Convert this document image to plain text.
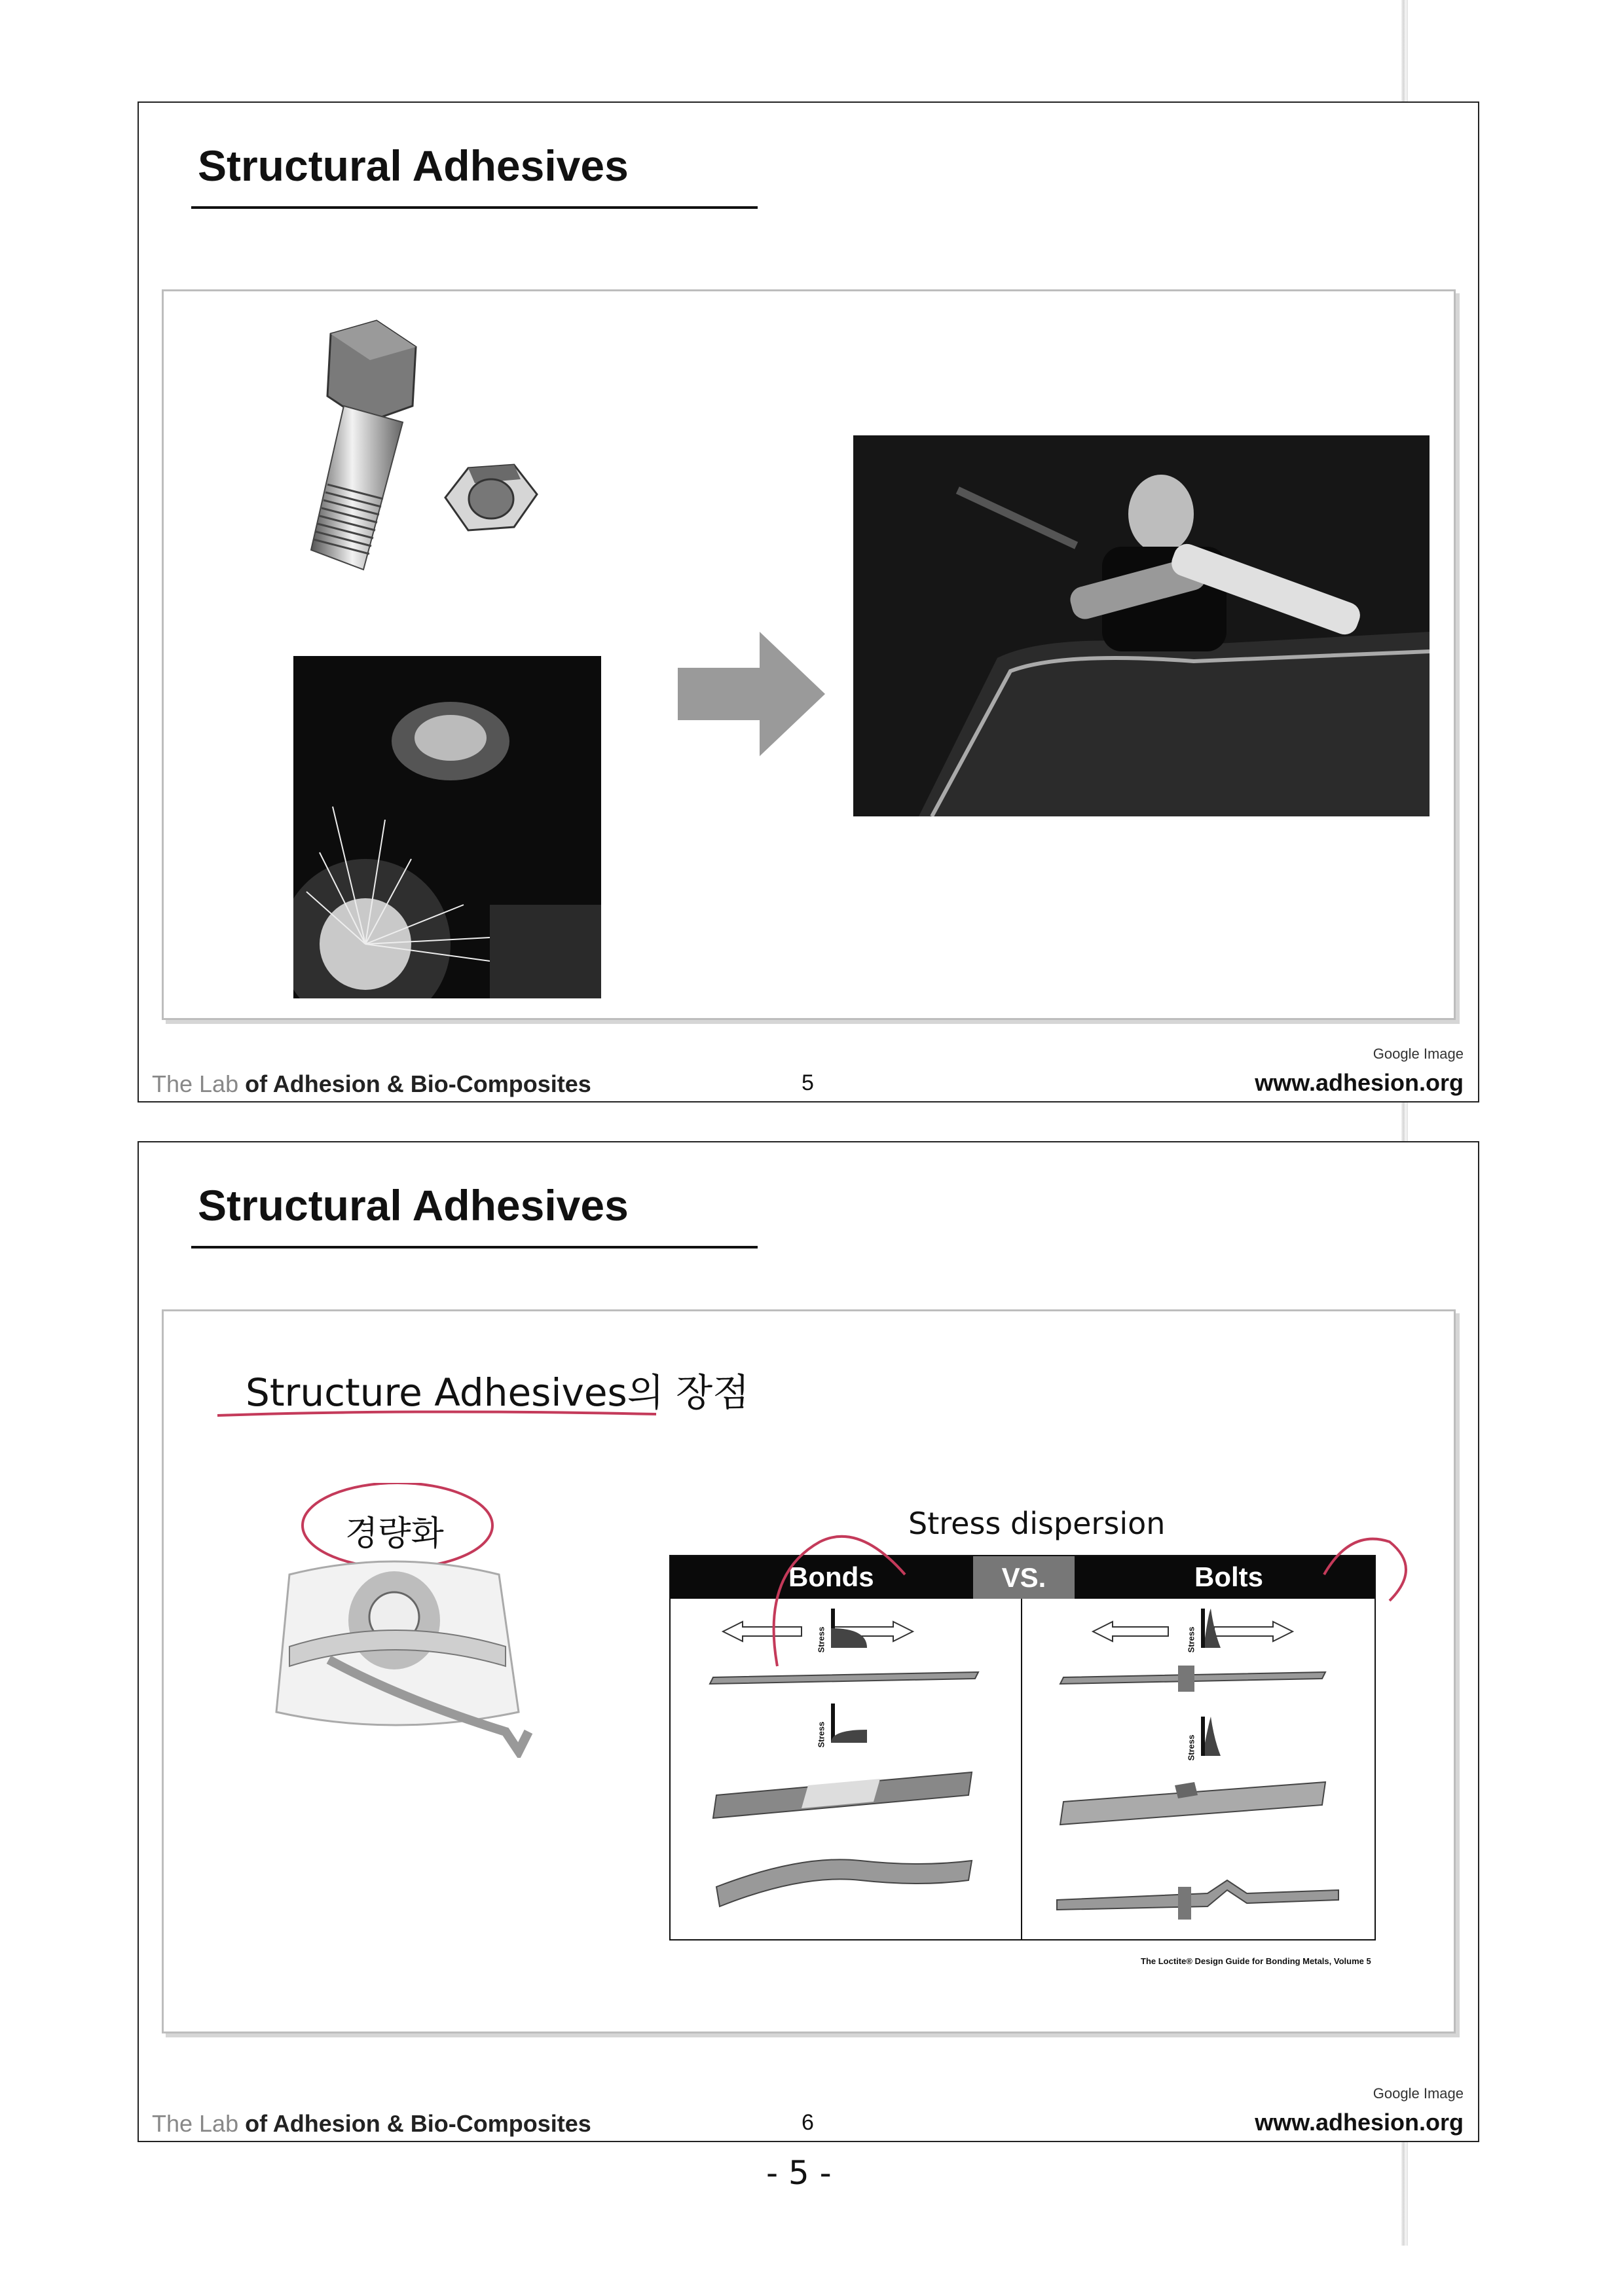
Structural Adhesives
The Lab of Adhesion & Bio-Composites	5
Google Image
www.adhesion.org
Structural Adhesives
Structure Adhesives의 장점
경량화	Stress dispersion
Bonds	VS.	Bolts
Stress
Stress
Stress
Stress
The Loctite® Design Guide for Bonding Metals, Volume 5
The Lab of Adhesion & Bio-Composites	6
Google Image
www.adhesion.org
- 5 -
